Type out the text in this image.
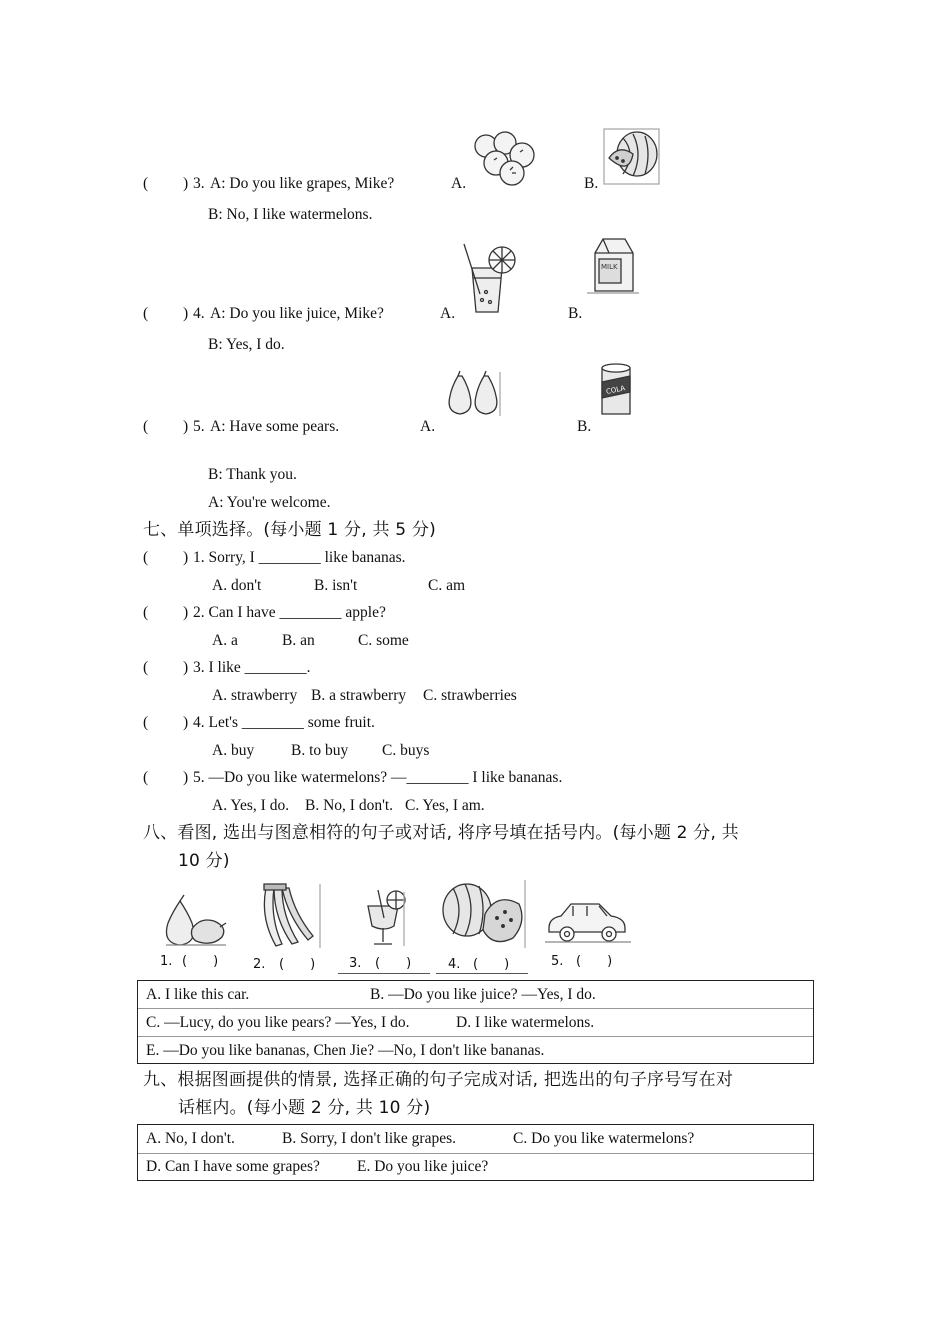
( ) 3. A: Do you like grapes, Mike?	A.	B.
B: No, I like watermelons.
( ) 4. A: Do you like juice, Mike?	A.	B.
MILK
B: Yes, I do.
( ) 5. A: Have some pears.	A.	B.
COLA
B: Thank you.
A: You're welcome.
七、单项选择。(每小题 1 分, 共 5 分)
( ) 1. Sorry, I ________ like bananas.
A. don't	B. isn't	C. am
( ) 2. Can I have ________ apple?
A. a	B. an	C. some
( ) 3. I like ________.
A. strawberry B. a strawberry C. strawberries
( ) 4. Let's ________ some fruit.
A. buy B. to buy C. buys
( ) 5. —Do you like watermelons? —________ I like bananas.
A. Yes, I do. B. No, I don't. C. Yes, I am.
八、看图, 选出与图意相符的句子或对话, 将序号填在括号内。(每小题 2 分, 共
10 分)
1. (　　)	2. (　　)	3. (　　)	4. (　　)	5. (　　)
A. I like this car.	B. —Do you like juice? —Yes, I do.
C. —Lucy, do you like pears? —Yes, I do.	D. I like watermelons.
E. —Do you like bananas, Chen Jie? —No, I don't like bananas.
九、根据图画提供的情景, 选择正确的句子完成对话, 把选出的句子序号写在对
话框内。(每小题 2 分, 共 10 分)
A. No, I don't.	B. Sorry, I don't like grapes.	C. Do you like watermelons?
D. Can I have some grapes? E. Do you like juice?
